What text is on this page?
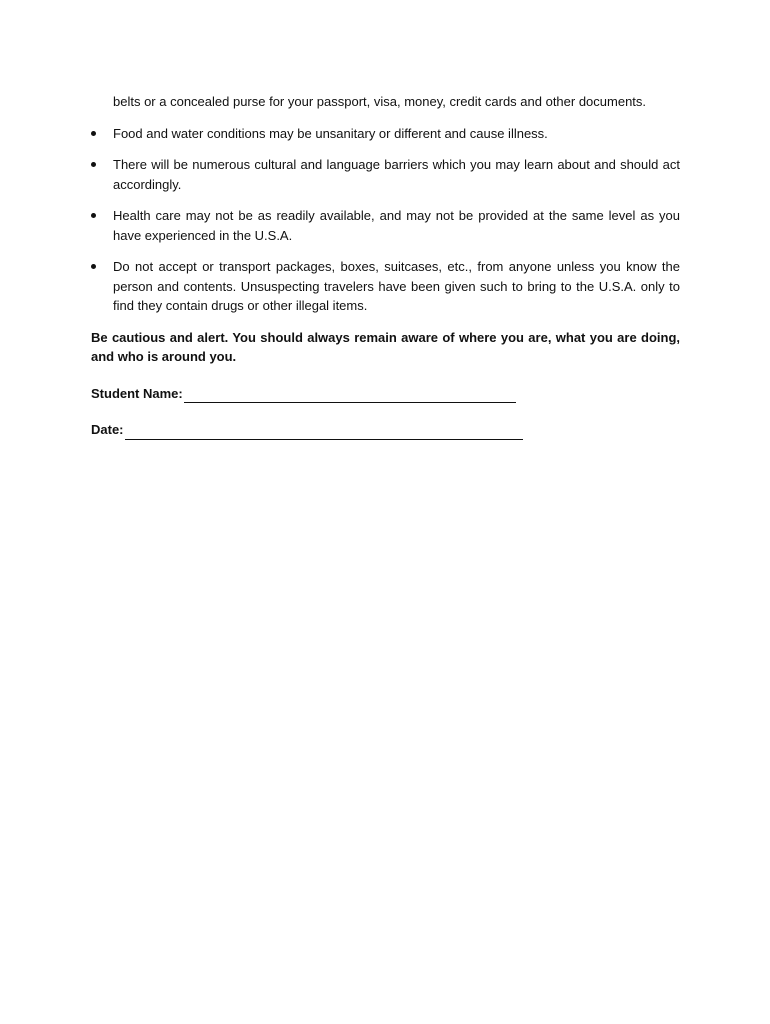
belts or a concealed purse for your passport, visa, money, credit cards and other documents.

Food and water conditions may be unsanitary or different and cause illness.
There will be numerous cultural and language barriers which you may learn about and should act accordingly.
Health care may not be as readily available, and may not be provided at the same level as you have experienced in the U.S.A.
Do not accept or transport packages, boxes, suitcases, etc., from anyone unless you know the person and contents. Unsuspecting travelers have been given such to bring to the U.S.A. only to find they contain drugs or other illegal items.

Be cautious and alert. You should always remain aware of where you are, what you are doing, and who is around you.

Student Name:
Date:
